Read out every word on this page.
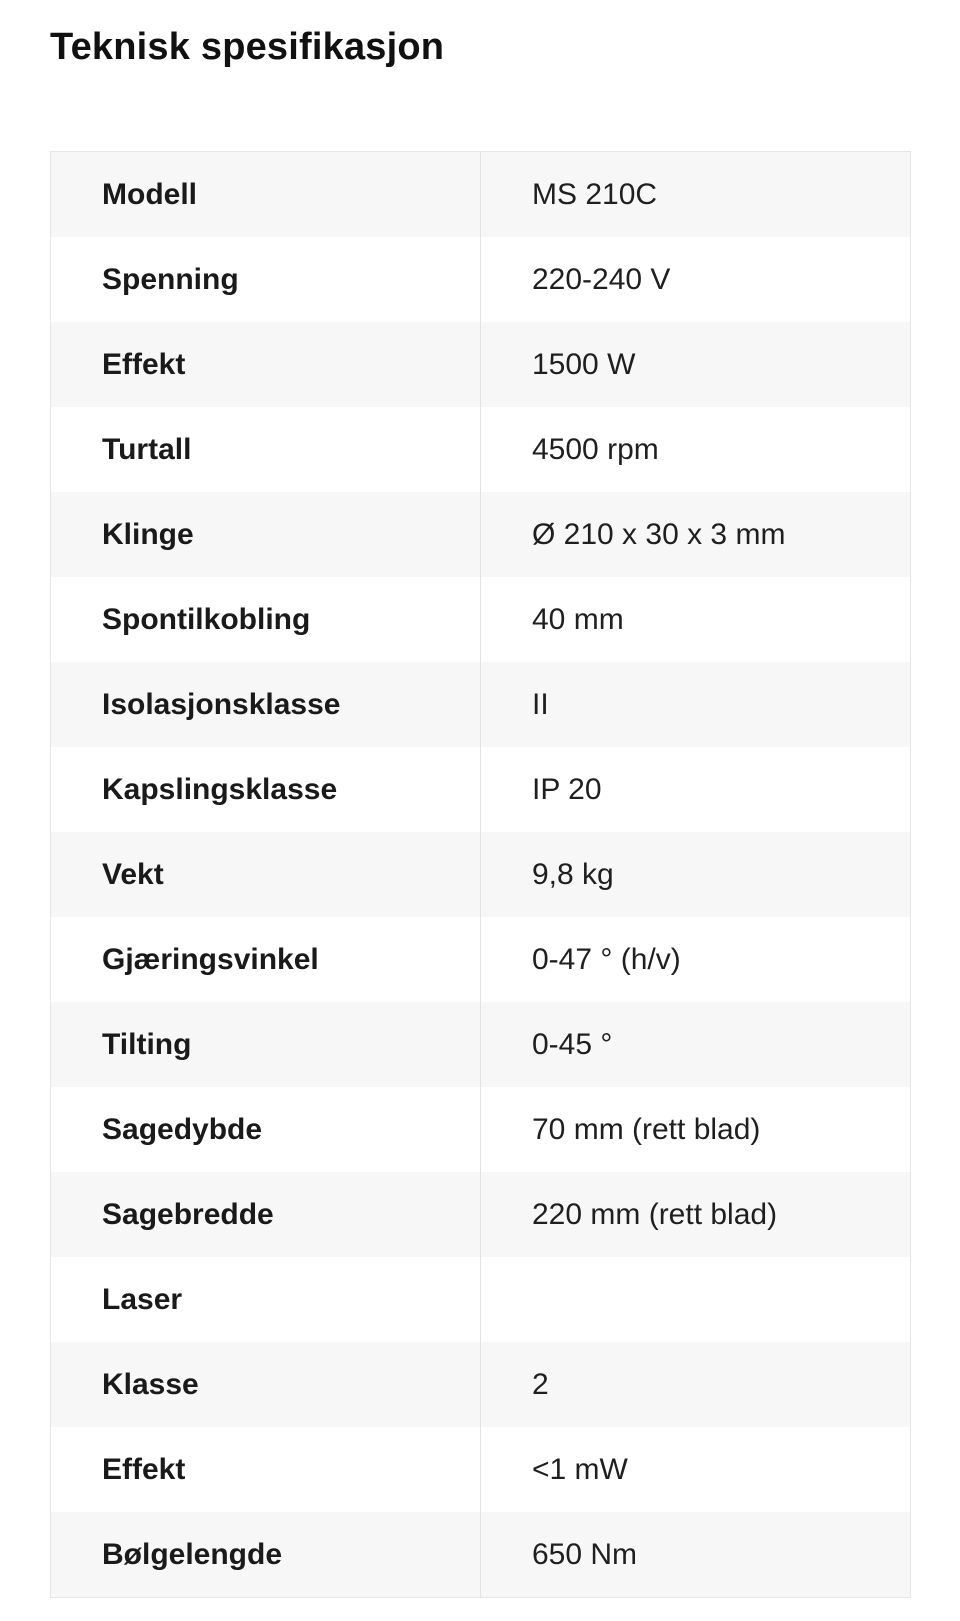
Teknisk spesifikasjon
Modell	MS 210C
Spenning	220-240 V
Effekt	1500 W
Turtall	4500 rpm
Klinge	Ø 210 x 30 x 3 mm
Spontilkobling	40 mm
Isolasjonsklasse	II
Kapslingsklasse	IP 20
Vekt	9,8 kg
Gjæringsvinkel	0-47 ° (h/v)
Tilting	0-45 °
Sagedybde	70 mm (rett blad)
Sagebredde	220 mm (rett blad)
Laser
Klasse	2
Effekt	<1 mW
Bølgelengde	650 Nm
